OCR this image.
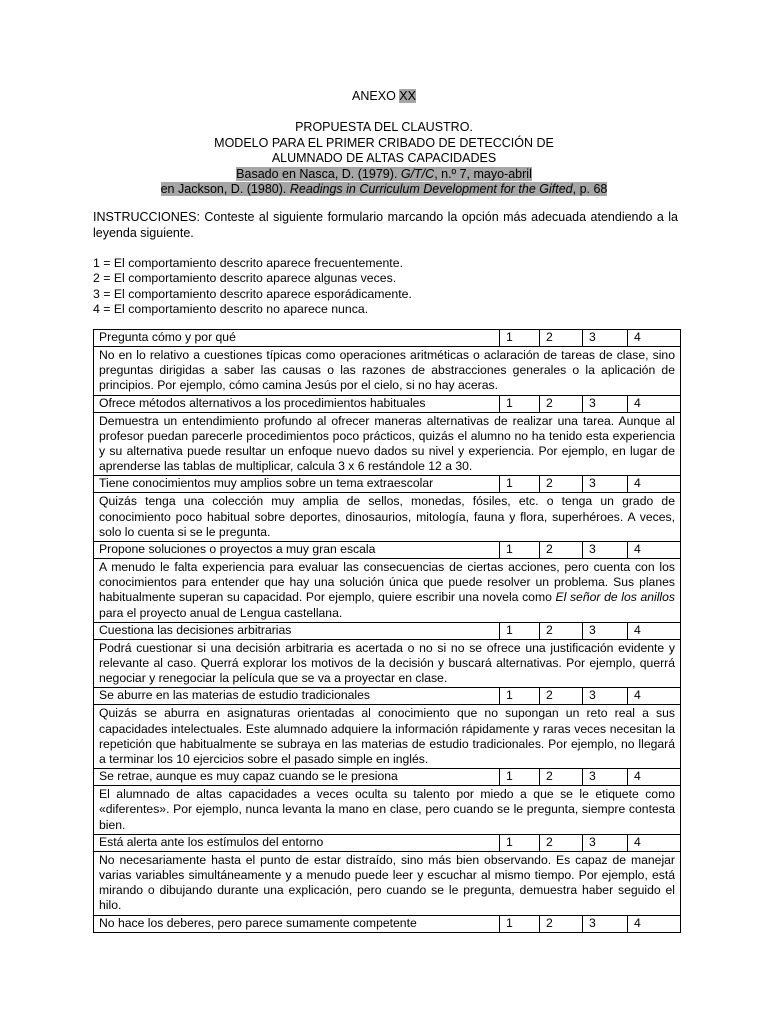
ANEXO XX
PROPUESTA DEL CLAUSTRO.
MODELO PARA EL PRIMER CRIBADO DE DETECCIÓN DE
ALUMNADO DE ALTAS CAPACIDADES
Basado en Nasca, D. (1979). G/T/C, n.º 7, mayo-abril
en Jackson, D. (1980). Readings in Curriculum Development for the Gifted, p. 68
INSTRUCCIONES: Conteste al siguiente formulario marcando la opción más adecuada atendiendo a la leyenda siguiente.
1 = El comportamiento descrito aparece frecuentemente.
2 = El comportamiento descrito aparece algunas veces.
3 = El comportamiento descrito aparece esporádicamente.
4 = El comportamiento descrito no aparece nunca.
Pregunta cómo y por qué	1	2	3	4
No en lo relativo a cuestiones típicas como operaciones aritméticas o aclaración de tareas de clase, sino preguntas dirigidas a saber las causas o las razones de abstracciones generales o la aplicación de principios. Por ejemplo, cómo camina Jesús por el cielo, si no hay aceras.				
Ofrece métodos alternativos a los procedimientos habituales	1	2	3	4
Demuestra un entendimiento profundo al ofrecer maneras alternativas de realizar una tarea. Aunque al profesor puedan parecerle procedimientos poco prácticos, quizás el alumno no ha tenido esta experiencia y su alternativa puede resultar un enfoque nuevo dados su nivel y experiencia. Por ejemplo, en lugar de aprenderse las tablas de multiplicar, calcula 3 x 6 restándole 12 a 30.				
Tiene conocimientos muy amplios sobre un tema extraescolar	1	2	3	4
Quizás tenga una colección muy amplia de sellos, monedas, fósiles, etc. o tenga un grado de conocimiento poco habitual sobre deportes, dinosaurios, mitología, fauna y flora, superhéroes. A veces, solo lo cuenta si se le pregunta.				
Propone soluciones o proyectos a muy gran escala	1	2	3	4
A menudo le falta experiencia para evaluar las consecuencias de ciertas acciones, pero cuenta con los conocimientos para entender que hay una solución única que puede resolver un problema. Sus planes habitualmente superan su capacidad. Por ejemplo, quiere escribir una novela como El señor de los anillos para el proyecto anual de Lengua castellana.				
Cuestiona las decisiones arbitrarias	1	2	3	4
Podrá cuestionar si una decisión arbitraria es acertada o no si no se ofrece una justificación evidente y relevante al caso. Querrá explorar los motivos de la decisión y buscará alternativas. Por ejemplo, querrá negociar y renegociar la película que se va a proyectar en clase.				
Se aburre en las materias de estudio tradicionales	1	2	3	4
Quizás se aburra en asignaturas orientadas al conocimiento que no supongan un reto real a sus capacidades intelectuales. Este alumnado adquiere la información rápidamente y raras veces necesitan la repetición que habitualmente se subraya en las materias de estudio tradicionales. Por ejemplo, no llegará a terminar los 10 ejercicios sobre el pasado simple en inglés.				
Se retrae, aunque es muy capaz cuando se le presiona	1	2	3	4
El alumnado de altas capacidades a veces oculta su talento por miedo a que se le etiquete como «diferentes». Por ejemplo, nunca levanta la mano en clase, pero cuando se le pregunta, siempre contesta bien.				
Está alerta ante los estímulos del entorno	1	2	3	4
No necesariamente hasta el punto de estar distraído, sino más bien observando. Es capaz de manejar varias variables simultáneamente y a menudo puede leer y escuchar al mismo tiempo. Por ejemplo, está mirando o dibujando durante una explicación, pero cuando se le pregunta, demuestra haber seguido el hilo.				
No hace los deberes, pero parece sumamente competente	1	2	3	4
